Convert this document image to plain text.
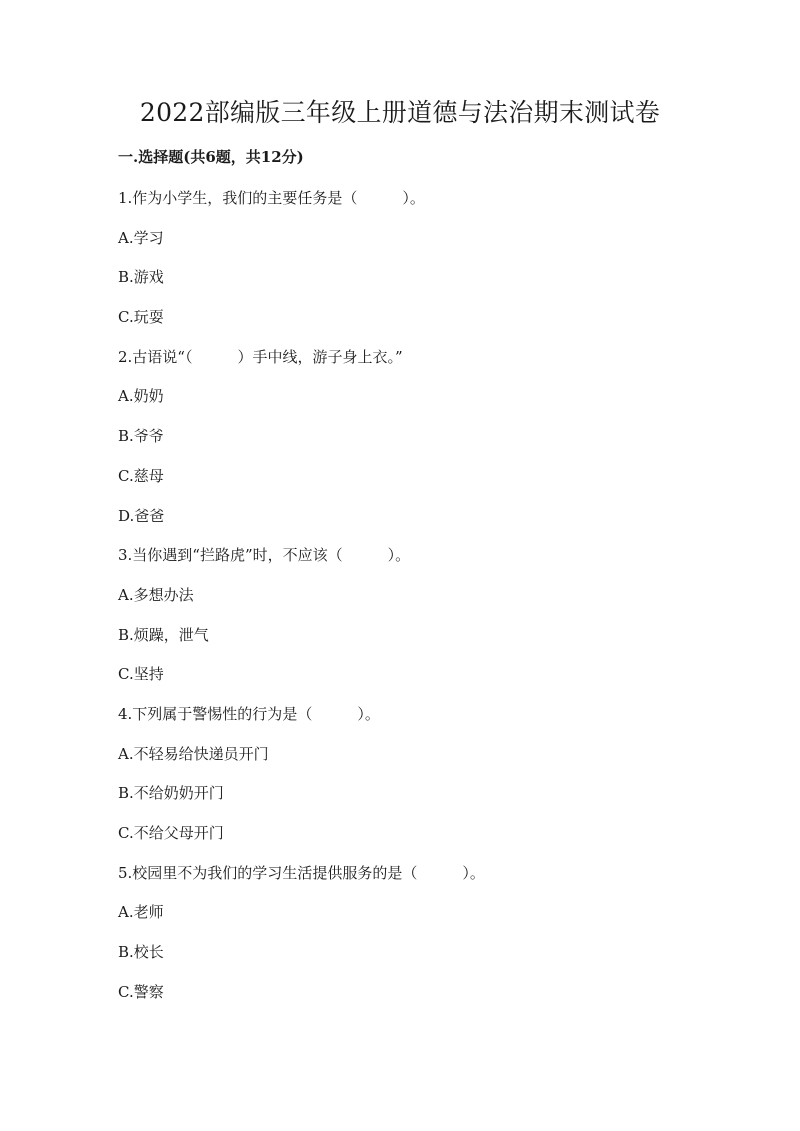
2022部编版三年级上册道德与法治期末测试卷
一.选择题(共6题，共12分)
1.作为小学生，我们的主要任务是（　　　）。
A.学习
B.游戏
C.玩耍
2.古语说“（　　　）手中线，游子身上衣。”
A.奶奶
B.爷爷
C.慈母
D.爸爸
3.当你遇到“拦路虎”时，不应该（　　　）。
A.多想办法
B.烦躁，泄气
C.坚持
4.下列属于警惕性的行为是（　　　）。
A.不轻易给快递员开门
B.不给奶奶开门
C.不给父母开门
5.校园里不为我们的学习生活提供服务的是（　　　）。
A.老师
B.校长
C.警察
